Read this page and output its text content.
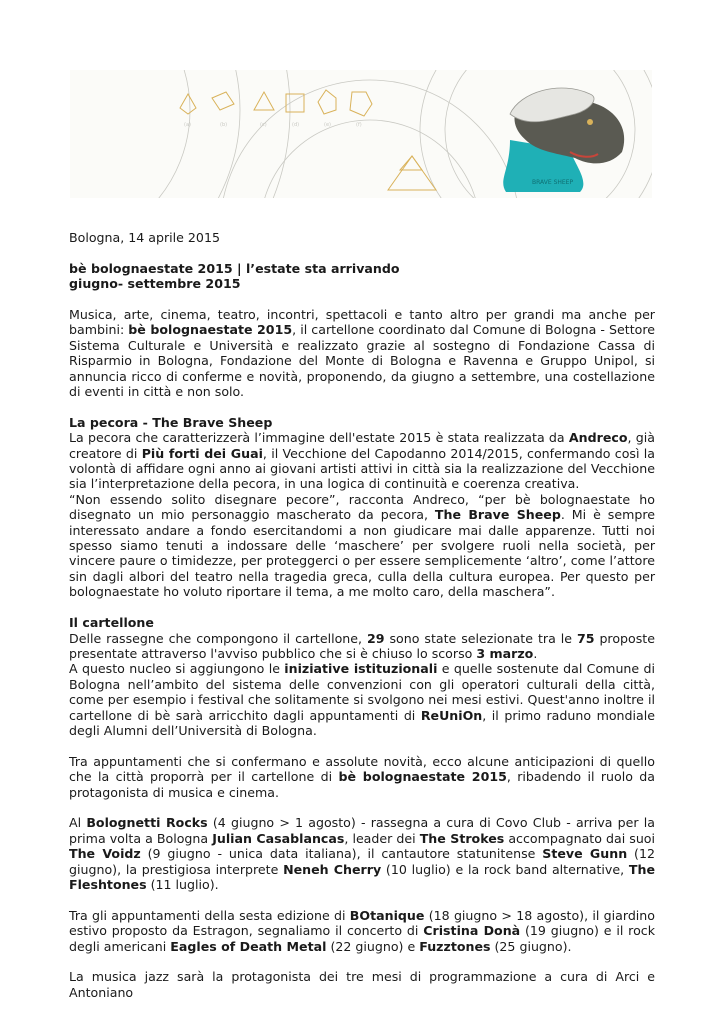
(a)	(b)	(c)	(d)	(e)	(f)
BRAVE SHEEP

Bologna, 14 aprile 2015

bè bolognaestate 2015 | l’estate sta arrivando

giugno- settembre 2015

Musica, arte, cinema, teatro, incontri, spettacoli e tanto altro per grandi ma anche per bambini: bè bolognaestate 2015, il cartellone coordinato dal Comune di Bologna - Settore Sistema Culturale e Università e realizzato grazie al sostegno di Fondazione Cassa di Risparmio in Bologna, Fondazione del Monte di Bologna e Ravenna e Gruppo Unipol, si annuncia ricco di conferme e novità, proponendo, da giugno a settembre, una costellazione di eventi in città e non solo.

La pecora - The Brave Sheep

La pecora che caratterizzerà l’immagine dell'estate 2015 è stata realizzata da Andreco, già creatore di Più forti dei Guai, il Vecchione del Capodanno 2014/2015, confermando così la volontà di affidare ogni anno ai giovani artisti attivi in città sia la realizzazione del Vecchione sia l’interpretazione della pecora, in una logica di continuità e coerenza creativa.

“Non essendo solito disegnare pecore”, racconta Andreco, “per bè bolognaestate ho disegnato un mio personaggio mascherato da pecora, The Brave Sheep. Mi è sempre interessato andare a fondo esercitandomi a non giudicare mai dalle apparenze. Tutti noi spesso siamo tenuti a indossare delle ‘maschere’ per svolgere ruoli nella società, per vincere paure o timidezze, per proteggerci o per essere semplicemente ‘altro’, come l’attore sin dagli albori del teatro nella tragedia greca, culla della cultura europea. Per questo per bolognaestate ho voluto riportare il tema, a me molto caro, della maschera”.

Il cartellone

Delle rassegne che compongono il cartellone, 29 sono state selezionate tra le 75 proposte presentate attraverso l'avviso pubblico che si è chiuso lo scorso 3 marzo.

A questo nucleo si aggiungono le iniziative istituzionali e quelle sostenute dal Comune di Bologna nell’ambito del sistema delle convenzioni con gli operatori culturali della città, come per esempio i festival che solitamente si svolgono nei mesi estivi. Quest'anno inoltre il cartellone di bè sarà arricchito dagli appuntamenti di ReUniOn, il primo raduno mondiale degli Alumni dell’Università di Bologna.

Tra appuntamenti che si confermano e assolute novità, ecco alcune anticipazioni di quello che la città proporrà per il cartellone di bè bolognaestate 2015, ribadendo il ruolo da protagonista di musica e cinema.

Al Bolognetti Rocks (4 giugno > 1 agosto) - rassegna a cura di Covo Club - arriva per la prima volta a Bologna Julian Casablancas, leader dei The Strokes accompagnato dai suoi The Voidz (9 giugno - unica data italiana), il cantautore statunitense Steve Gunn (12 giugno), la prestigiosa interprete Neneh Cherry (10 luglio) e la rock band alternative, The Fleshtones (11 luglio).

Tra gli appuntamenti della sesta edizione di BOtanique (18 giugno > 18 agosto), il giardino estivo proposto da Estragon, segnaliamo il concerto di Cristina Donà (19 giugno) e il rock degli americani Eagles of Death Metal (22 giugno) e Fuzztones (25 giugno).

La musica jazz sarà la protagonista dei tre mesi di programmazione a cura di Arci e Antoniano
